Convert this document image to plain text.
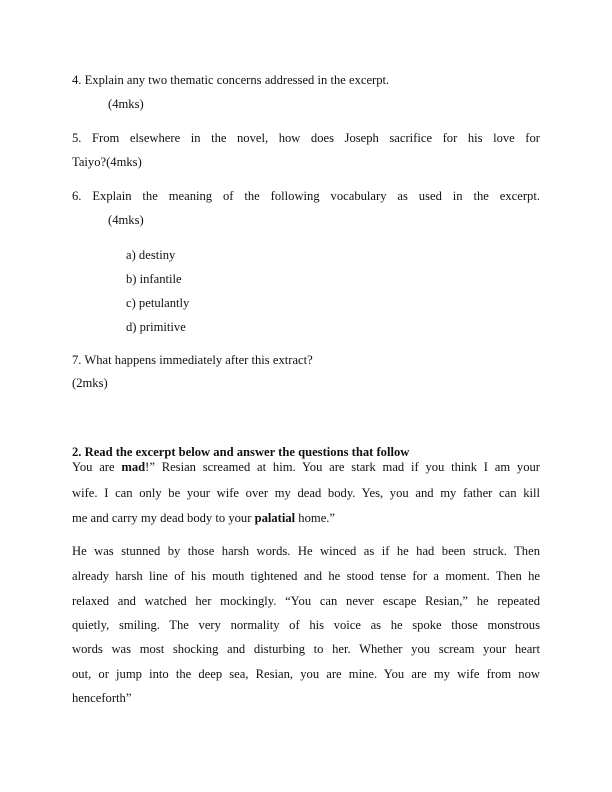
4. Explain any two thematic concerns addressed in the excerpt.
(4mks)
5. From elsewhere in the novel, how does Joseph sacrifice for his love for
Taiyo?(4mks)
6. Explain the meaning of the following vocabulary as used in the excerpt.
(4mks)
a) destiny
b) infantile
c) petulantly
d) primitive
7. What happens immediately after this extract?
(2mks)
2. Read the excerpt below and answer the questions that follow
You are mad!” Resian screamed at him. You are stark mad if you think I am your
wife. I can only be your wife over my dead body. Yes, you and my father can kill
me and carry my dead body to your palatial home.”
He was stunned by those harsh words. He winced as if he had been struck. Then
already harsh line of his mouth tightened and he stood tense for a moment. Then he
relaxed and watched her mockingly. “You can never escape Resian,” he repeated
quietly, smiling. The very normality of his voice as he spoke those monstrous
words was most shocking and disturbing to her. Whether you scream your heart
out, or jump into the deep sea, Resian, you are mine. You are my wife from now
henceforth”
